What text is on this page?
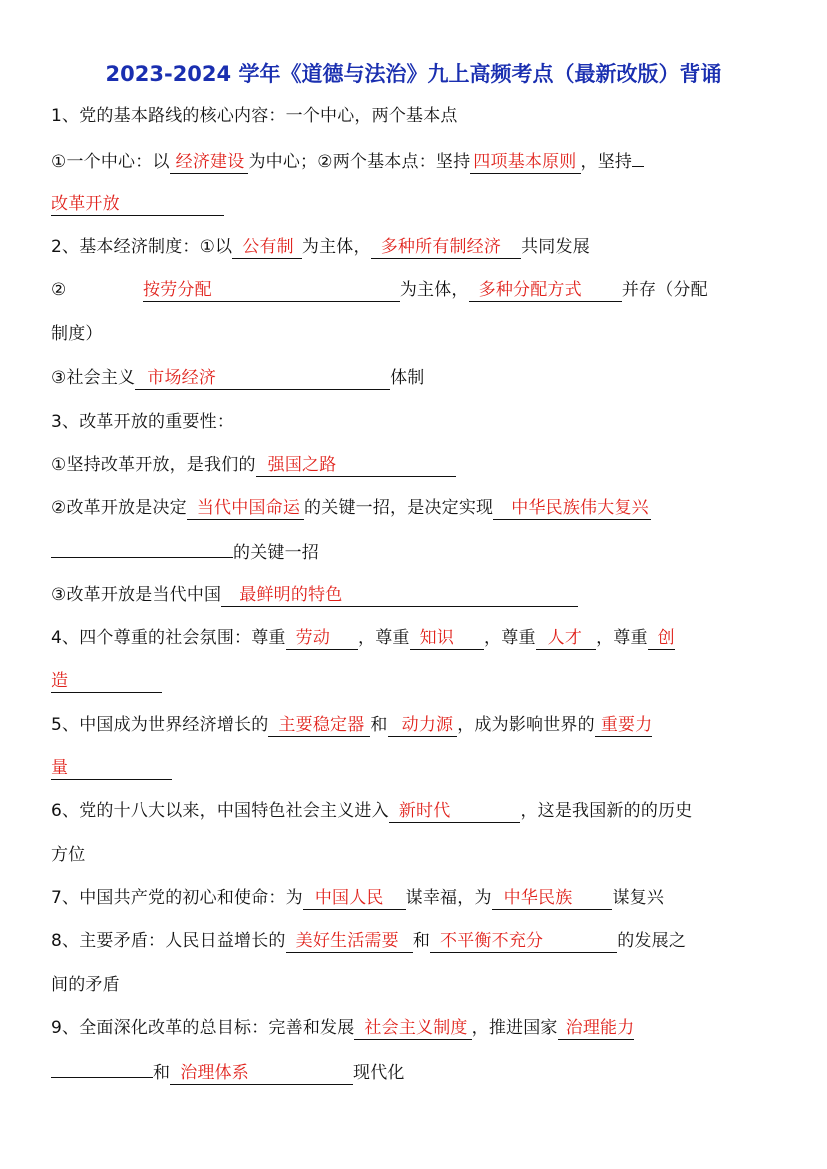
2023-2024 学年《道德与法治》九上高频考点（最新改版）背诵
1、党的基本路线的核心内容：一个中心，两个基本点
①一个中心：以 经济建设 为中心；②两个基本点：坚持 四项基本原则 ，坚持
改革开放
2、基本经济制度：①以 公有制 为主体， 多种所有制经济 共同发展
②	按劳分配	为主体， 多种分配方式 并存（分配
制度）
③社会主义 市场经济	体制
3、改革开放的重要性：
①坚持改革开放，是我们的 强国之路
②改革开放是决定 当代中国命运 的关键一招，是决定实现 中华民族伟大复兴
的关键一招
③改革开放是当代中国 最鲜明的特色
4、四个尊重的社会氛围：尊重 劳动 ，尊重 知识 ，尊重 人才 ，尊重 创
造
5、中国成为世界经济增长的 主要稳定器 和 动力源 ，成为影响世界的 重要力
量
6、党的十八大以来，中国特色社会主义进入 新时代	，这是我国新的的历史
方位
7、中国共产党的初心和使命：为 中国人民 谋幸福，为 中华民族 谋复兴
8、主要矛盾：人民日益增长的 美好生活需要 和 不平衡不充分	的发展之
间的矛盾
9、全面深化改革的总目标：完善和发展 社会主义制度 ，推进国家 治理能力
和 治理体系	现代化
